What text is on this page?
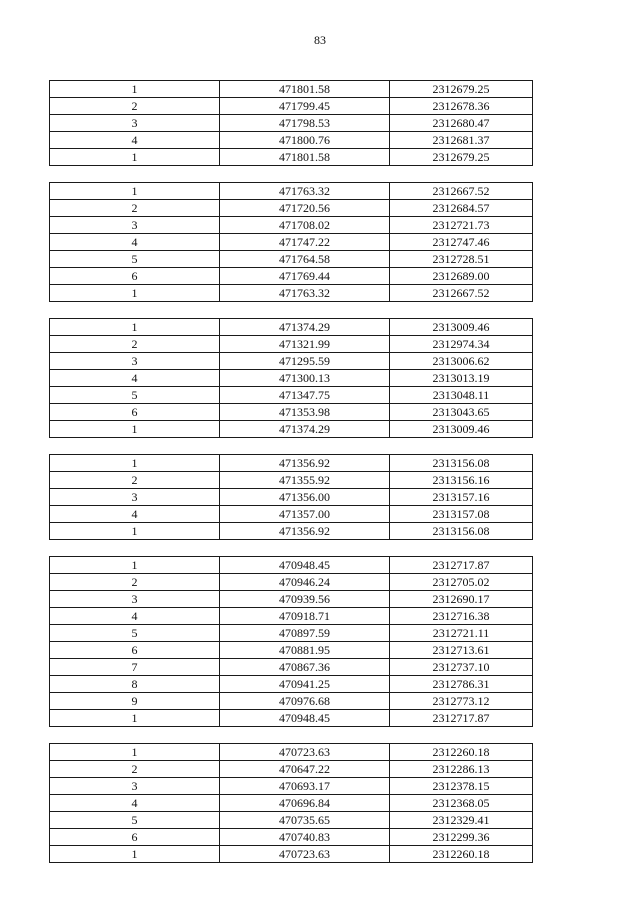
83
1	471801.58	2312679.25
2	471799.45	2312678.36
3	471798.53	2312680.47
4	471800.76	2312681.37
1	471801.58	2312679.25
1	471763.32	2312667.52
2	471720.56	2312684.57
3	471708.02	2312721.73
4	471747.22	2312747.46
5	471764.58	2312728.51
6	471769.44	2312689.00
1	471763.32	2312667.52
1	471374.29	2313009.46
2	471321.99	2312974.34
3	471295.59	2313006.62
4	471300.13	2313013.19
5	471347.75	2313048.11
6	471353.98	2313043.65
1	471374.29	2313009.46
1	471356.92	2313156.08
2	471355.92	2313156.16
3	471356.00	2313157.16
4	471357.00	2313157.08
1	471356.92	2313156.08
1	470948.45	2312717.87
2	470946.24	2312705.02
3	470939.56	2312690.17
4	470918.71	2312716.38
5	470897.59	2312721.11
6	470881.95	2312713.61
7	470867.36	2312737.10
8	470941.25	2312786.31
9	470976.68	2312773.12
1	470948.45	2312717.87
1	470723.63	2312260.18
2	470647.22	2312286.13
3	470693.17	2312378.15
4	470696.84	2312368.05
5	470735.65	2312329.41
6	470740.83	2312299.36
1	470723.63	2312260.18
